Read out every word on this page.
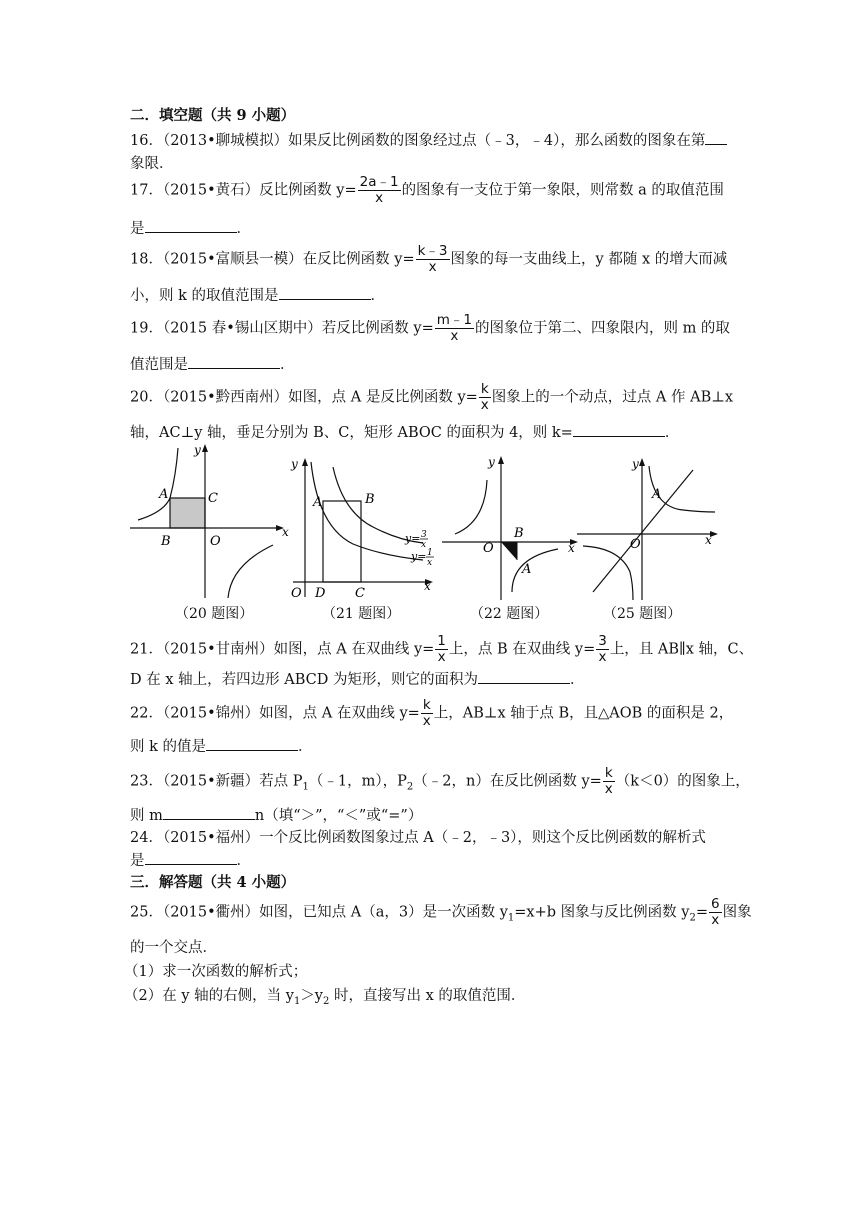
二．填空题（共 9 小题）
16．（2013•聊城模拟）如果反比例函数的图象经过点（﹣3，﹣4），那么函数的图象在第
象限．
17．（2015•黄石）反比例函数 $y= \frac{2a﹣1}{x}$ 的图象有一支位于第一象限，则常数 a 的取值范围
是	．
18．（2015•富顺县一模）在反比例函数 $y= \frac{k﹣3}{x}$ 图象的每一支曲线上，y 都随 x 的增大而减
小，则 k 的取值范围是	．
19．（2015 春•锡山区期中）若反比例函数 $y= \frac{m﹣1}{x}$ 的图象位于第二、四象限内，则 m 的取
值范围是	．
20．（2015•黔西南州）如图，点 A 是反比例函数 $y= \frac{k}{x}$ 图象上的一个动点，过点 A 作 AB⊥x
轴，AC⊥y 轴，垂足分别为 B、C，矩形 ABOC 的面积为 4，则 k=	．
A
B
C
O
x
y
A	B
D C
O	x
y
y= 3
x
y= 1
x
B
O
A
x
y
A
O	x
y
（20 题图）	（21 题图）	（22 题图）	（25 题图）
21．（2015•甘南州）如图，点 A 在双曲线 $y= \frac{1}{x}$ 上，点 B 在双曲线 $y= \frac{3}{x}$ 上，且 AB∥x 轴，C、
D 在 x 轴上，若四边形 ABCD 为矩形，则它的面积为	．
22．（2015•锦州）如图，点 A 在双曲线 $y= \frac{k}{x}$ 上，AB⊥x 轴于点 B，且△AOB 的面积是 2，
则 k 的值是	．
23．（2015•新疆）若点 $P_1(﹣1$，m），$P_2(﹣2$，n）在反比例函数 $y= \frac{k}{x} (k<0)$的图象上，
则 m	n（填“＞”，“＜”或“=”）
24．（2015•福州）一个反比例函数图象过点 A（﹣2，﹣3），则这个反比例函数的解析式
是	．
三．解答题（共 4 小题）
25．（2015•衢州）如图，已知点 A（a，3）是一次函数 $y_1=x+b$ 图象与反比例函数 $y_2= \frac{6}{x}$ 图象
的一个交点．
（1）求一次函数的解析式；
（2）在 y 轴的右侧，当 $y_1>y_2$ 时，直接写出 x 的取值范围．
